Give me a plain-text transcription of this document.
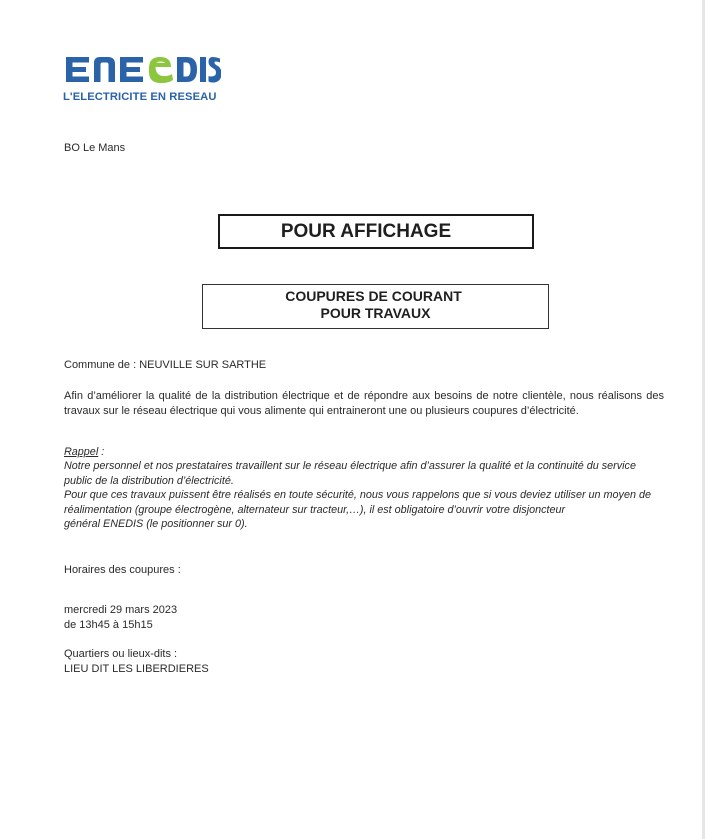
L'ELECTRICITE EN RESEAU
BO Le Mans
POUR AFFICHAGE
COUPURES DE COURANT
POUR TRAVAUX
Commune de : NEUVILLE SUR SARTHE
Afin d’améliorer la qualité de la distribution électrique et de répondre aux besoins de notre clientèle, nous réalisons des travaux sur le réseau électrique qui vous alimente qui entraineront une ou plusieurs coupures d’électricité.
Rappel :
Notre personnel et nos prestataires travaillent sur le réseau électrique afin d’assurer la qualité et la continuité du service
public de la distribution d’électricité.
Pour que ces travaux puissent être réalisés en toute sécurité, nous vous rappelons que si vous deviez utiliser un moyen de
réalimentation (groupe électrogène, alternateur sur tracteur,…), il est obligatoire d’ouvrir votre disjoncteur
général ENEDIS (le positionner sur 0).
Horaires des coupures :
mercredi 29 mars 2023
de 13h45 à 15h15
Quartiers ou lieux-dits :
LIEU DIT LES LIBERDIERES
